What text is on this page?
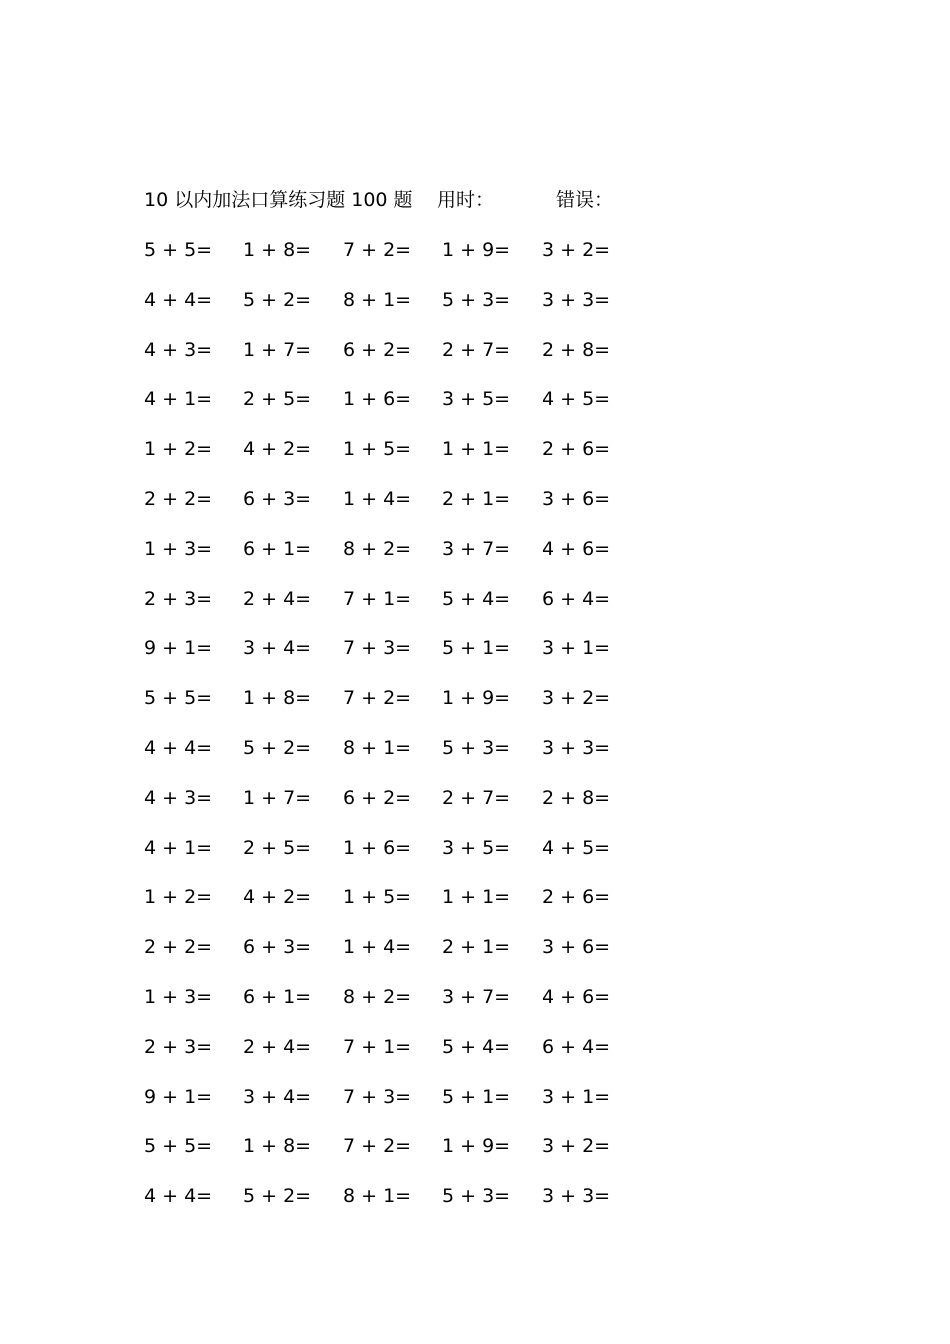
10 以内加法口算练习题 100 题 用时：	错误：
5 + 5=	1 + 8=	7 + 2=	1 + 9=	3 + 2=
4 + 4=	5 + 2=	8 + 1=	5 + 3=	3 + 3=
4 + 3=	1 + 7=	6 + 2=	2 + 7=	2 + 8=
4 + 1=	2 + 5=	1 + 6=	3 + 5=	4 + 5=
1 + 2=	4 + 2=	1 + 5=	1 + 1=	2 + 6=
2 + 2=	6 + 3=	1 + 4=	2 + 1=	3 + 6=
1 + 3=	6 + 1=	8 + 2=	3 + 7=	4 + 6=
2 + 3=	2 + 4=	7 + 1=	5 + 4=	6 + 4=
9 + 1=	3 + 4=	7 + 3=	5 + 1=	3 + 1=
5 + 5=	1 + 8=	7 + 2=	1 + 9=	3 + 2=
4 + 4=	5 + 2=	8 + 1=	5 + 3=	3 + 3=
4 + 3=	1 + 7=	6 + 2=	2 + 7=	2 + 8=
4 + 1=	2 + 5=	1 + 6=	3 + 5=	4 + 5=
1 + 2=	4 + 2=	1 + 5=	1 + 1=	2 + 6=
2 + 2=	6 + 3=	1 + 4=	2 + 1=	3 + 6=
1 + 3=	6 + 1=	8 + 2=	3 + 7=	4 + 6=
2 + 3=	2 + 4=	7 + 1=	5 + 4=	6 + 4=
9 + 1=	3 + 4=	7 + 3=	5 + 1=	3 + 1=
5 + 5=	1 + 8=	7 + 2=	1 + 9=	3 + 2=
4 + 4=	5 + 2=	8 + 1=	5 + 3=	3 + 3=
